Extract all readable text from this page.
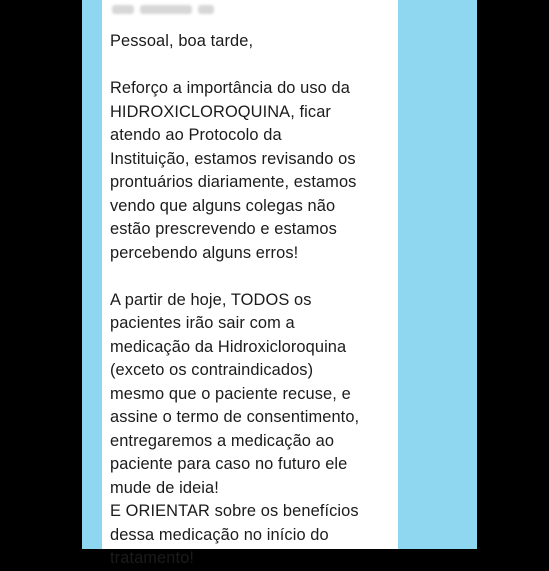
Pessoal, boa tarde,
Reforço a importância do uso da
HIDROXICLOROQUINA, ficar
atendo ao Protocolo da
Instituição, estamos revisando os
prontuários diariamente, estamos
vendo que alguns colegas não
estão prescrevendo e estamos
percebendo alguns erros!
A partir de hoje, TODOS os
pacientes irão sair com a
medicação da Hidroxicloroquina
(exceto os contraindicados)
mesmo que o paciente recuse, e
assine o termo de consentimento,
entregaremos a medicação ao
paciente para caso no futuro ele
mude de ideia!
E ORIENTAR sobre os benefícios
dessa medicação no início do
tratamento!
